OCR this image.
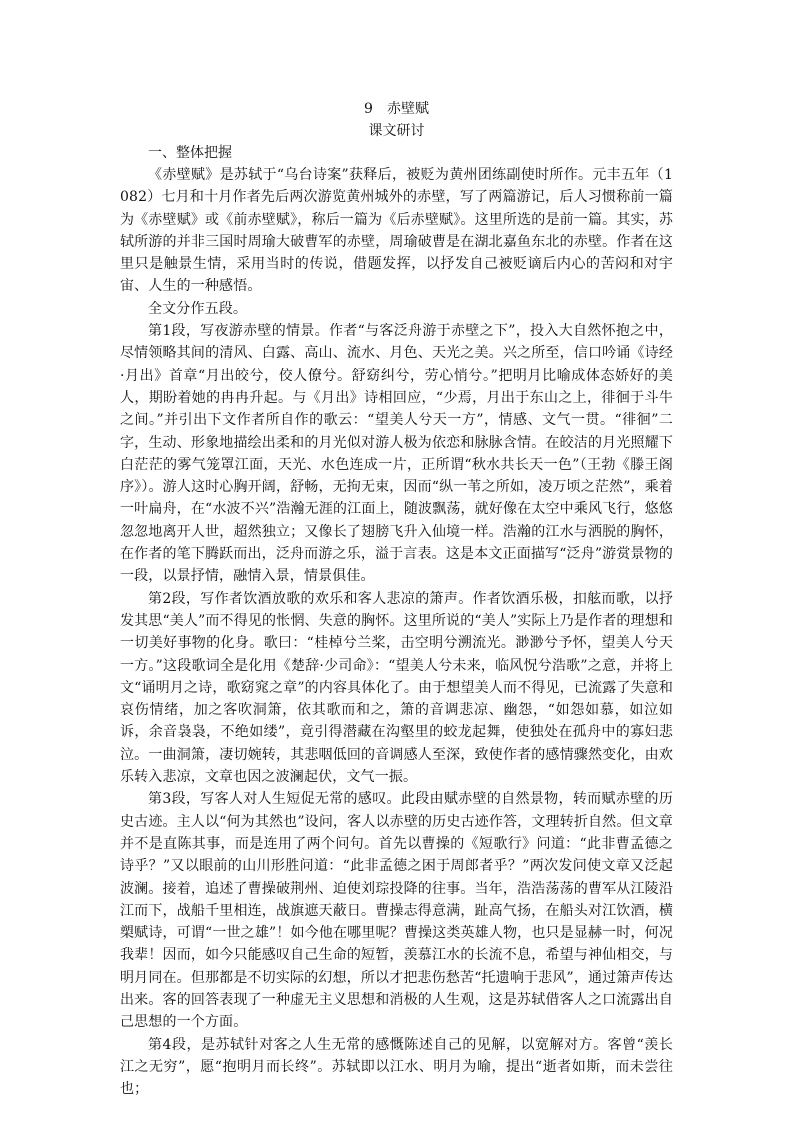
9　赤壁赋

课文研讨

一、整体把握

《赤壁赋》是苏轼于“乌台诗案”获释后，被贬为黄州团练副使时所作。元丰五年（1082）七月和十月作者先后两次游览黄州城外的赤壁，写了两篇游记，后人习惯称前一篇为《赤壁赋》或《前赤壁赋》，称后一篇为《后赤壁赋》。这里所选的是前一篇。其实，苏轼所游的并非三国时周瑜大破曹军的赤壁，周瑜破曹是在湖北嘉鱼东北的赤壁。作者在这里只是触景生情，采用当时的传说，借题发挥，以抒发自己被贬谪后内心的苦闷和对宇宙、人生的一种感悟。

全文分作五段。

第1段，写夜游赤壁的情景。作者“与客泛舟游于赤壁之下”，投入大自然怀抱之中，尽情领略其间的清风、白露、高山、流水、月色、天光之美。兴之所至，信口吟诵《诗经·月出》首章“月出皎兮，佼人僚兮。舒窈纠兮，劳心悄兮。”把明月比喻成体态娇好的美人，期盼着她的冉冉升起。与《月出》诗相回应，“少焉，月出于东山之上，徘徊于斗牛之间。”并引出下文作者所自作的歌云：“望美人兮天一方”，情感、文气一贯。“徘徊”二字，生动、形象地描绘出柔和的月光似对游人极为依恋和脉脉含情。在皎洁的月光照耀下白茫茫的雾气笼罩江面，天光、水色连成一片，正所谓“秋水共长天一色”（王勃《滕王阁序》）。游人这时心胸开阔，舒畅，无拘无束，因而“纵一苇之所如，凌万顷之茫然”，乘着一叶扁舟，在“水波不兴”浩瀚无涯的江面上，随波飘荡，就好像在太空中乘风飞行，悠悠忽忽地离开人世，超然独立；又像长了翅膀飞升入仙境一样。浩瀚的江水与洒脱的胸怀，在作者的笔下腾跃而出，泛舟而游之乐，溢于言表。这是本文正面描写“泛舟”游赏景物的一段，以景抒情，融情入景，情景俱佳。

第2段，写作者饮酒放歌的欢乐和客人悲凉的箫声。作者饮酒乐极，扣舷而歌，以抒发其思“美人”而不得见的怅惘、失意的胸怀。这里所说的“美人”实际上乃是作者的理想和一切美好事物的化身。歌曰：“桂棹兮兰桨，击空明兮溯流光。渺渺兮予怀，望美人兮天一方。”这段歌词全是化用《楚辞·少司命》：“望美人兮未来，临风怳兮浩歌”之意，并将上文“诵明月之诗，歌窈窕之章”的内容具体化了。由于想望美人而不得见，已流露了失意和哀伤情绪，加之客吹洞箫，依其歌而和之，箫的音调悲凉、幽怨，“如怨如慕，如泣如诉，余音袅袅，不绝如缕”，竟引得潜藏在沟壑里的蛟龙起舞，使独处在孤舟中的寡妇悲泣。一曲洞箫，凄切婉转，其悲咽低回的音调感人至深，致使作者的感情骤然变化，由欢乐转入悲凉，文章也因之波澜起伏，文气一振。

第3段，写客人对人生短促无常的感叹。此段由赋赤壁的自然景物，转而赋赤壁的历史古迹。主人以“何为其然也”设问，客人以赤壁的历史古迹作答，文理转折自然。但文章并不是直陈其事，而是连用了两个问句。首先以曹操的《短歌行》问道：“此非曹孟德之诗乎？”又以眼前的山川形胜问道：“此非孟德之困于周郎者乎？”两次发问使文章又泛起波澜。接着，追述了曹操破荆州、迫使刘琮投降的往事。当年，浩浩荡荡的曹军从江陵沿江而下，战船千里相连，战旗遮天蔽日。曹操志得意满，趾高气扬，在船头对江饮酒，横槊赋诗，可谓“一世之雄”！如今他在哪里呢？曹操这类英雄人物，也只是显赫一时，何况我辈！因而，如今只能感叹自己生命的短暂，羡慕江水的长流不息，希望与神仙相交，与明月同在。但那都是不切实际的幻想，所以才把悲伤愁苦“托遗响于悲风”，通过箫声传达出来。客的回答表现了一种虚无主义思想和消极的人生观，这是苏轼借客人之口流露出自己思想的一个方面。

第4段，是苏轼针对客之人生无常的感慨陈述自己的见解，以宽解对方。客曾“羡长江之无穷”，愿“抱明月而长终”。苏轼即以江水、明月为喻，提出“逝者如斯，而未尝往也；
